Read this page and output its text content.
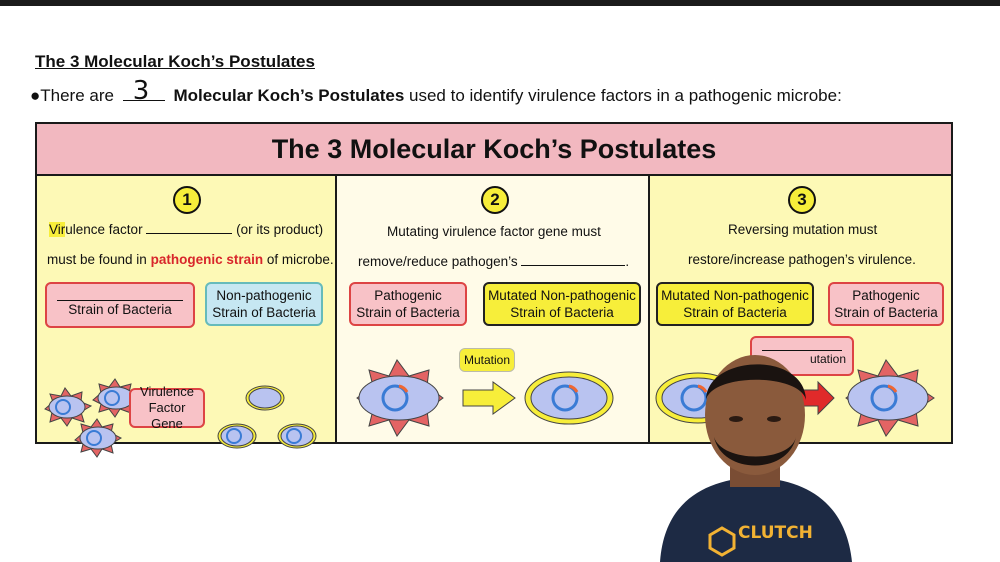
The 3 Molecular Koch’s Postulates
●There are 3 Molecular Koch’s Postulates used to identify virulence factors in a pathogenic microbe:
The 3 Molecular Koch’s Postulates
1
Virulence factor	(or its product)
must be found in pathogenic strain of microbe.
Strain of Bacteria
Non-pathogenic
Strain of Bacteria
Virulence
Factor Gene
2
Mutating virulence factor gene must
remove/reduce pathogen’s	.
Pathogenic
Strain of Bacteria
Mutated Non-pathogenic
Strain of Bacteria
Mutation
3
Reversing mutation must
restore/increase pathogen’s virulence.
Mutated Non-pathogenic
Strain of Bacteria
Pathogenic
Strain of Bacteria
utation
CLUTCH
